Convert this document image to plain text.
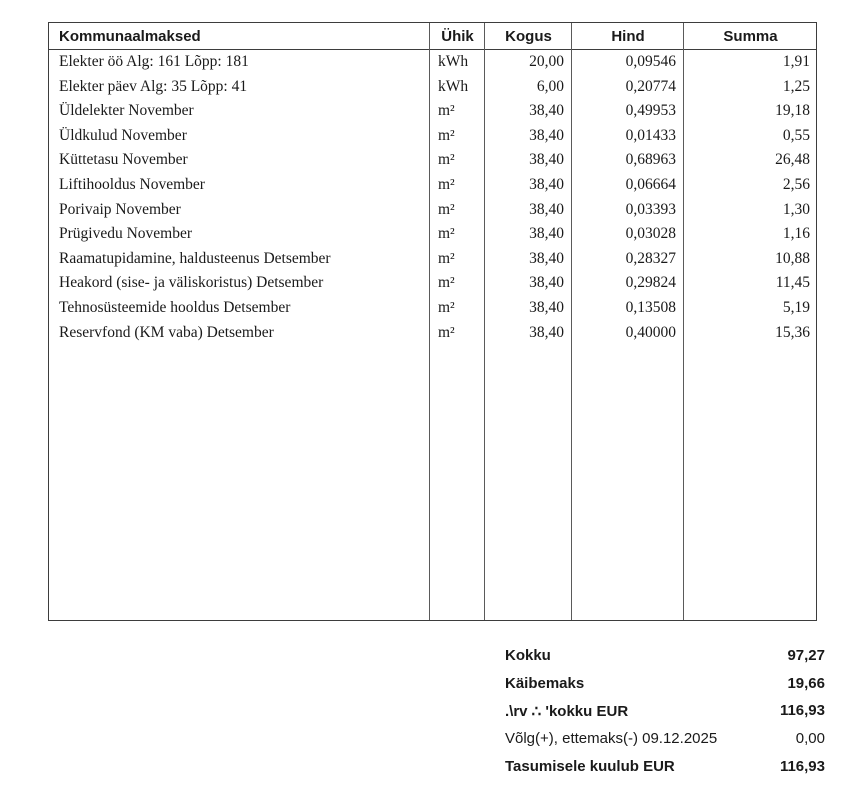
Kommunaalmaksed	Ühik	Kogus	Hind	Summa
Elekter öö Alg: 161 Lõpp: 181	kWh	20,00	0,09546	1,91
Elekter päev Alg: 35 Lõpp: 41	kWh	6,00	0,20774	1,25
Üldelekter November	m²	38,40	0,49953	19,18
Üldkulud November	m²	38,40	0,01433	0,55
Küttetasu November	m²	38,40	0,68963	26,48
Liftihooldus November	m²	38,40	0,06664	2,56
Porivaip November	m²	38,40	0,03393	1,30
Prügivedu November	m²	38,40	0,03028	1,16
Raamatupidamine, haldusteenus Detsember	m²	38,40	0,28327	10,88
Heakord (sise- ja väliskoristus) Detsember	m²	38,40	0,29824	11,45
Tehnosüsteemide hooldus Detsember	m²	38,40	0,13508	5,19
Reservfond (KM vaba) Detsember	m²	38,40	0,40000	15,36
Kokku	97,27
Käibemaks	19,66
.\rv ∴ 'kokku EUR	116,93
Võlg(+), ettemaks(-) 09.12.2025	0,00
Tasumisele kuulub EUR	116,93
